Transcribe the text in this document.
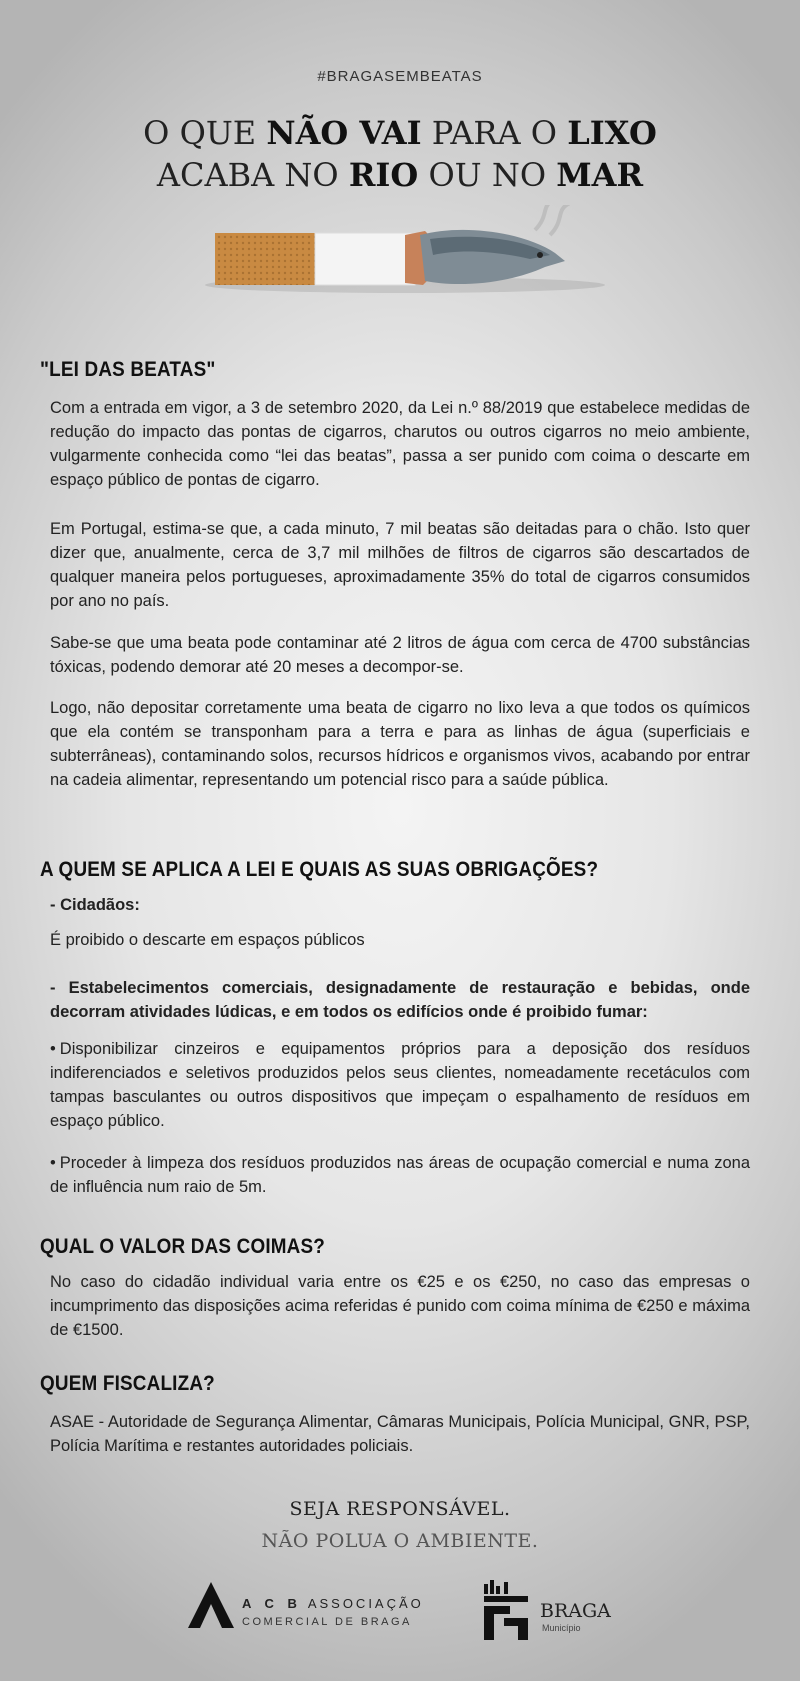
#BRAGASEMBEATAS
O QUE NÃO VAI PARA O LIXO
ACABA NO RIO OU NO MAR
"LEI DAS BEATAS"
Com a entrada em vigor, a 3 de setembro 2020, da Lei n.º 88/2019 que estabelece medidas de redução do impacto das pontas de cigarros, charutos ou outros cigarros no meio ambiente, vulgarmente conhecida como “lei das beatas”, passa a ser punido com coima o descarte em espaço público de pontas de cigarro.
Em Portugal, estima-se que, a cada minuto, 7 mil beatas são deitadas para o chão. Isto quer dizer que, anualmente, cerca de 3,7 mil milhões de filtros de cigarros são descartados de qualquer maneira pelos portugueses, aproximadamente 35% do total de cigarros consumidos por ano no país.
Sabe-se que uma beata pode contaminar até 2 litros de água com cerca de 4700 substâncias tóxicas, podendo demorar até 20 meses a decompor-se.
Logo, não depositar corretamente uma beata de cigarro no lixo leva a que todos os químicos que ela contém se transponham para a terra e para as linhas de água (superficiais e subterrâneas), contaminando solos, recursos hídricos e organismos vivos, acabando por entrar na cadeia alimentar, representando um potencial risco para a saúde pública.
A QUEM SE APLICA A LEI E QUAIS AS SUAS OBRIGAÇÕES?
- Cidadãos:
É proibido o descarte em espaços públicos
- Estabelecimentos comerciais, designadamente de restauração e bebidas, onde decorram atividades lúdicas, e em todos os edifícios onde é proibido fumar:
• Disponibilizar cinzeiros e equipamentos próprios para a deposição dos resíduos indiferenciados e seletivos produzidos pelos seus clientes, nomeadamente recetáculos com tampas basculantes ou outros dispositivos que impeçam o espalhamento de resíduos em espaço público.
• Proceder à limpeza dos resíduos produzidos nas áreas de ocupação comercial e numa zona de influência num raio de 5m.
QUAL O VALOR DAS COIMAS?
No caso do cidadão individual varia entre os €25 e os €250, no caso das empresas o incumprimento das disposições acima referidas é punido com coima mínima de €250 e máxima de €1500.
QUEM FISCALIZA?
ASAE - Autoridade de Segurança Alimentar, Câmaras Municipais, Polícia Municipal, GNR, PSP, Polícia Marítima e restantes autoridades policiais.
SEJA RESPONSÁVEL.
NÃO POLUA O AMBIENTE.
A C B ASSOCIAÇÃO
COMERCIAL DE BRAGA	BRAGA
Município
